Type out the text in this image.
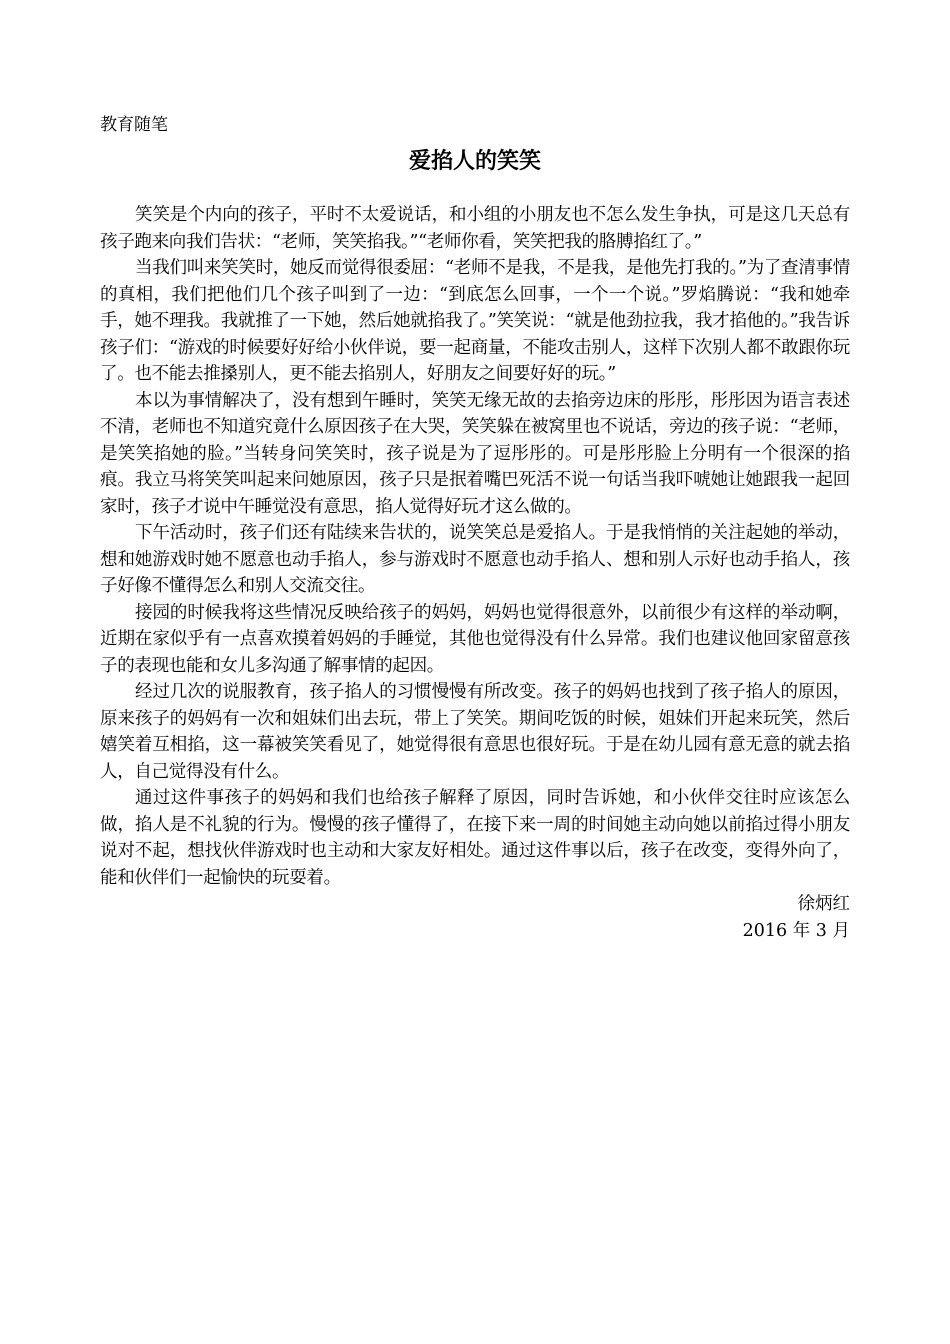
教育随笔

爱掐人的笑笑

笑笑是个内向的孩子，平时不太爱说话，和小组的小朋友也不怎么发生争执，可是这几天总有孩子跑来向我们告状：“老师，笑笑掐我。”“老师你看，笑笑把我的胳膊掐红了。”

当我们叫来笑笑时，她反而觉得很委屈：“老师不是我，不是我，是他先打我的。”为了查清事情的真相，我们把他们几个孩子叫到了一边：“到底怎么回事，一个一个说。”罗焰腾说：“我和她牵手，她不理我。我就推了一下她，然后她就掐我了。”笑笑说：“就是他劲拉我，我才掐他的。”我告诉孩子们：“游戏的时候要好好给小伙伴说，要一起商量，不能攻击别人，这样下次别人都不敢跟你玩了。也不能去推搡别人，更不能去掐别人，好朋友之间要好好的玩。”

本以为事情解决了，没有想到午睡时，笑笑无缘无故的去掐旁边床的彤彤，彤彤因为语言表述不清，老师也不知道究竟什么原因孩子在大哭，笑笑躲在被窝里也不说话，旁边的孩子说：“老师，是笑笑掐她的脸。”当转身问笑笑时，孩子说是为了逗彤彤的。可是彤彤脸上分明有一个很深的掐痕。我立马将笑笑叫起来问她原因，孩子只是抿着嘴巴死活不说一句话当我吓唬她让她跟我一起回家时，孩子才说中午睡觉没有意思，掐人觉得好玩才这么做的。

下午活动时，孩子们还有陆续来告状的，说笑笑总是爱掐人。于是我悄悄的关注起她的举动，想和她游戏时她不愿意也动手掐人，参与游戏时不愿意也动手掐人、想和别人示好也动手掐人，孩子好像不懂得怎么和别人交流交往。

接园的时候我将这些情况反映给孩子的妈妈，妈妈也觉得很意外，以前很少有这样的举动啊，近期在家似乎有一点喜欢摸着妈妈的手睡觉，其他也觉得没有什么异常。我们也建议他回家留意孩子的表现也能和女儿多沟通了解事情的起因。

经过几次的说服教育，孩子掐人的习惯慢慢有所改变。孩子的妈妈也找到了孩子掐人的原因，原来孩子的妈妈有一次和姐妹们出去玩，带上了笑笑。期间吃饭的时候，姐妹们开起来玩笑，然后嬉笑着互相掐，这一幕被笑笑看见了，她觉得很有意思也很好玩。于是在幼儿园有意无意的就去掐人，自己觉得没有什么。

通过这件事孩子的妈妈和我们也给孩子解释了原因，同时告诉她，和小伙伴交往时应该怎么做，掐人是不礼貌的行为。慢慢的孩子懂得了，在接下来一周的时间她主动向她以前掐过得小朋友说对不起，想找伙伴游戏时也主动和大家友好相处。通过这件事以后，孩子在改变，变得外向了，能和伙伴们一起愉快的玩耍着。

徐炳红

2016 年 3 月
